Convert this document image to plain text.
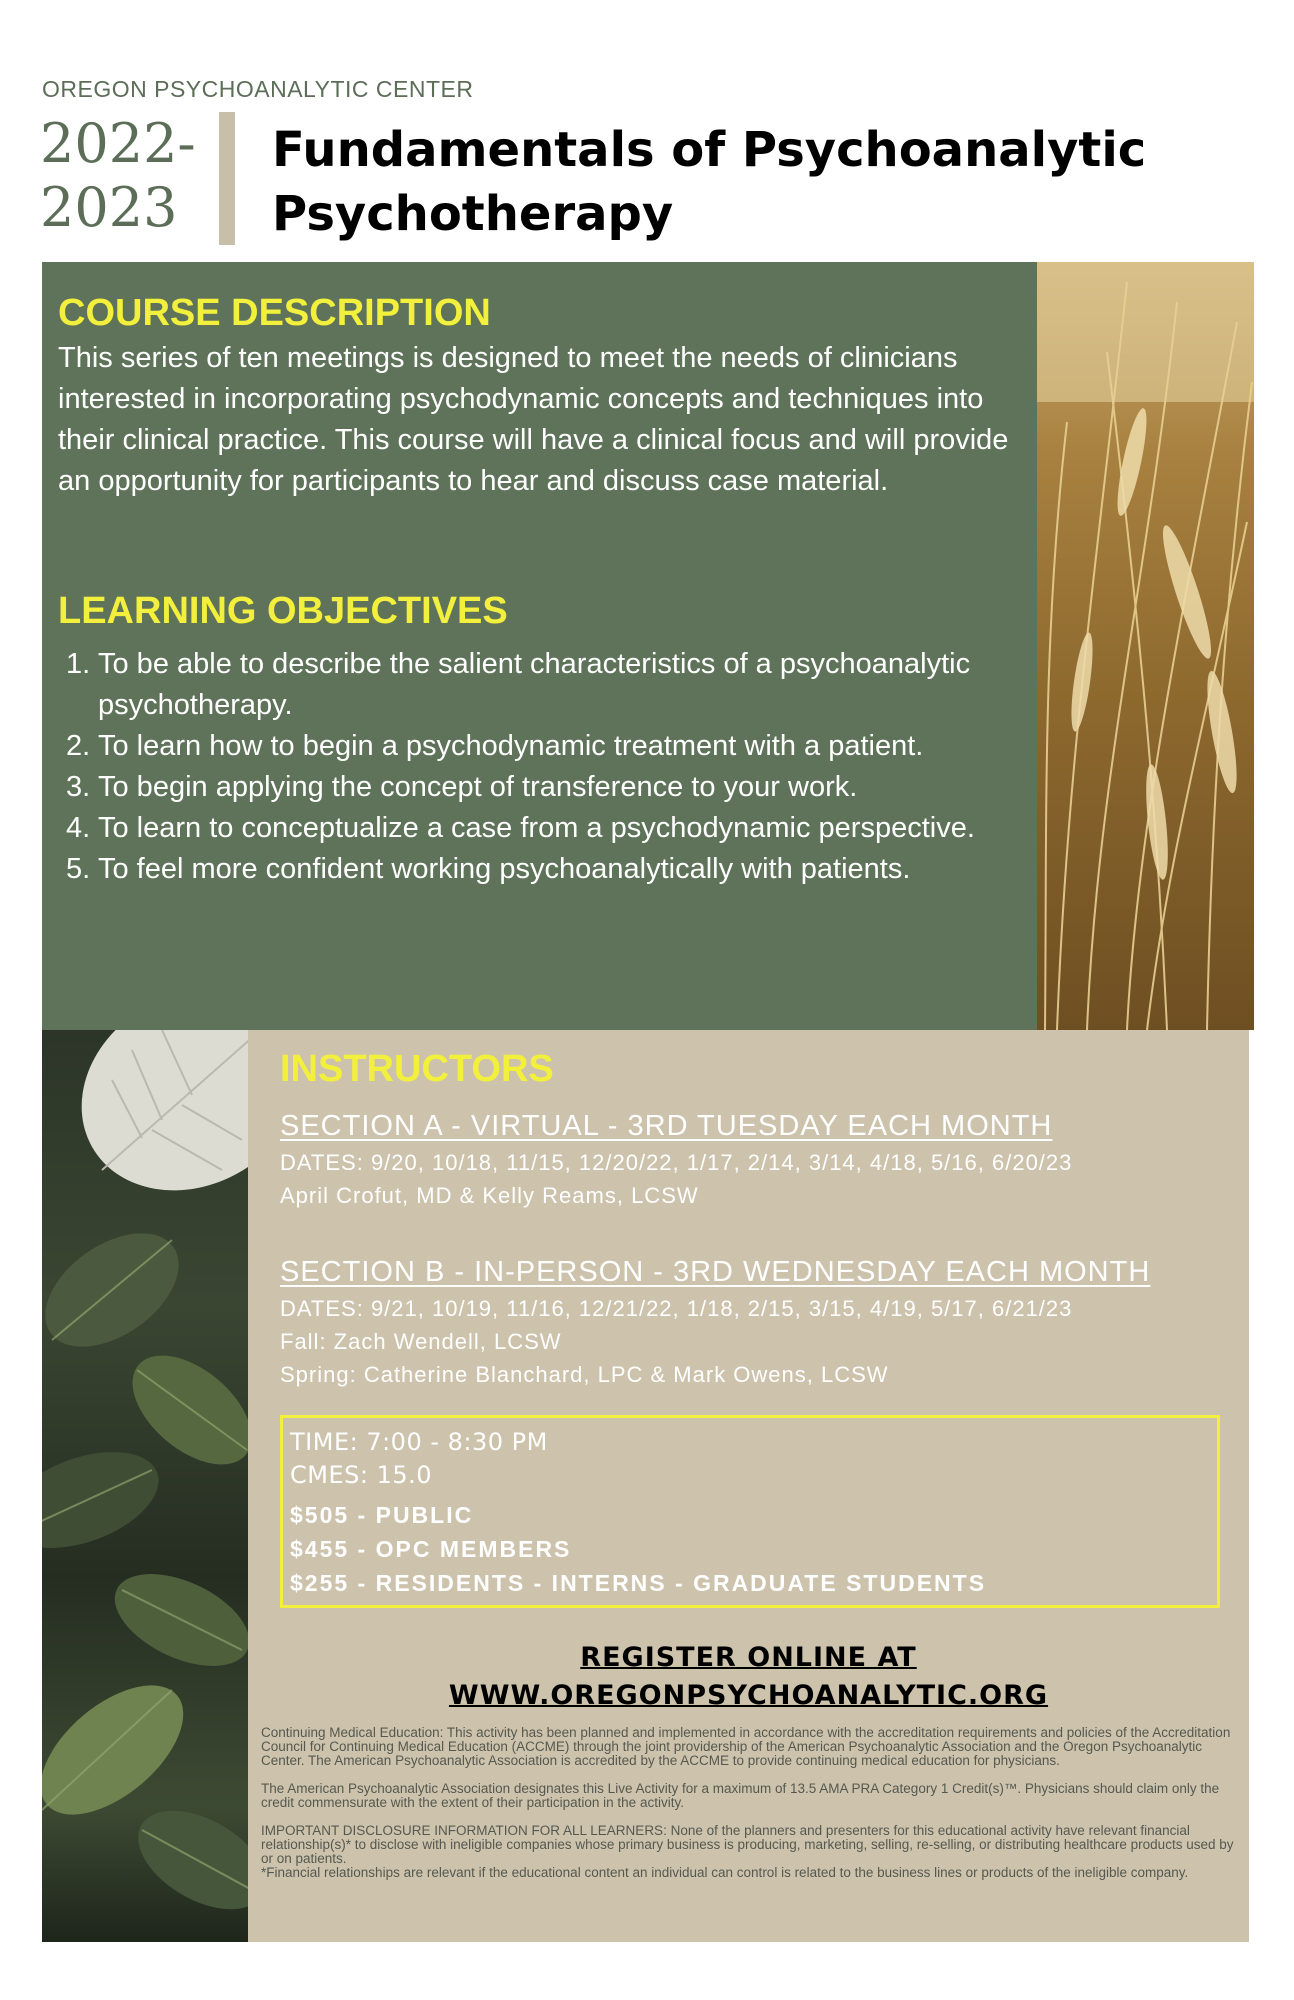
OREGON PSYCHOANALYTIC CENTER
2022-
2023
Fundamentals of Psychoanalytic
Psychotherapy
COURSE DESCRIPTION
This series of ten meetings is designed to meet the needs of clinicians interested in incorporating psychodynamic concepts and techniques into their clinical practice. This course will have a clinical focus and will provide an opportunity for participants to hear and discuss case material.
LEARNING OBJECTIVES
1. To be able to describe the salient characteristics of a psychoanalytic psychotherapy.
2. To learn how to begin a psychodynamic treatment with a patient.
3. To begin applying the concept of transference to your work.
4. To learn to conceptualize a case from a psychodynamic perspective.
5. To feel more confident working psychoanalytically with patients.
INSTRUCTORS
SECTION A - VIRTUAL - 3RD TUESDAY EACH MONTH
DATES: 9/20, 10/18, 11/15, 12/20/22, 1/17, 2/14, 3/14, 4/18, 5/16, 6/20/23
April Crofut, MD & Kelly Reams, LCSW
SECTION B - IN-PERSON - 3RD WEDNESDAY EACH MONTH
DATES: 9/21, 10/19, 11/16, 12/21/22, 1/18, 2/15, 3/15, 4/19, 5/17, 6/21/23
Fall: Zach Wendell, LCSW
Spring: Catherine Blanchard, LPC & Mark Owens, LCSW
TIME: 7:00 - 8:30 PM
CMES: 15.0
$505 - PUBLIC
$455 - OPC MEMBERS
$255 - RESIDENTS - INTERNS - GRADUATE STUDENTS
REGISTER ONLINE AT
WWW.OREGONPSYCHOANALYTIC.ORG
Continuing Medical Education: This activity has been planned and implemented in accordance with the accreditation requirements and policies of the Accreditation Council for Continuing Medical Education (ACCME) through the joint providership of the American Psychoanalytic Association and the Oregon Psychoanalytic Center. The American Psychoanalytic Association is accredited by the ACCME to provide continuing medical education for physicians.
The American Psychoanalytic Association designates this Live Activity for a maximum of 13.5 AMA PRA Category 1 Credit(s)™. Physicians should claim only the credit commensurate with the extent of their participation in the activity.
IMPORTANT DISCLOSURE INFORMATION FOR ALL LEARNERS: None of the planners and presenters for this educational activity have relevant financial relationship(s)* to disclose with ineligible companies whose primary business is producing, marketing, selling, re-selling, or distributing healthcare products used by or on patients.
*Financial relationships are relevant if the educational content an individual can control is related to the business lines or products of the ineligible company.
